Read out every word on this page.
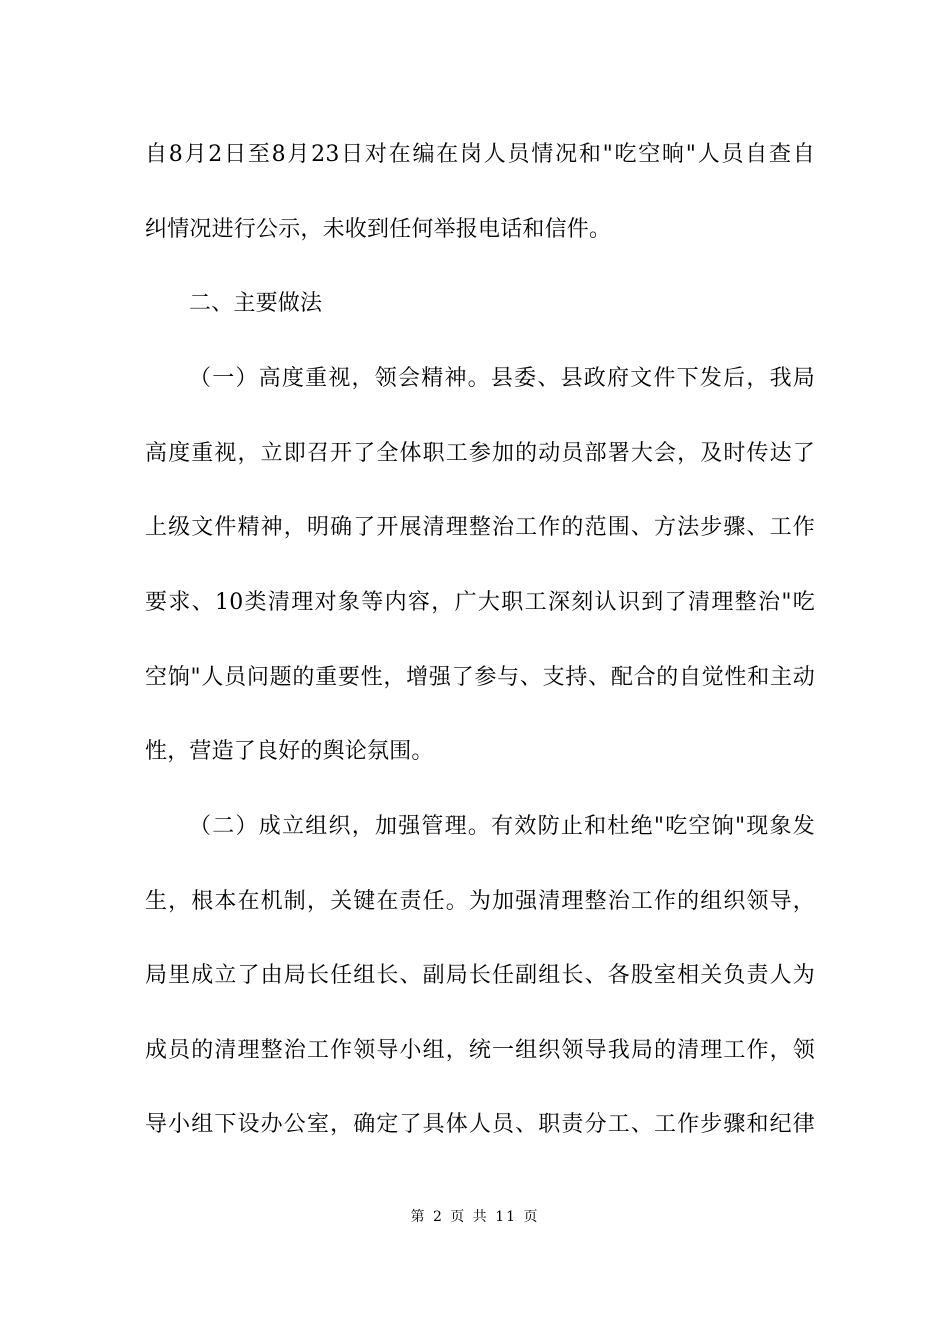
自8月2日至8月23日对在编在岗人员情况和"吃空晌"人员自查自
纠情况进行公示，未收到任何举报电话和信件。
二、主要做法
（一）高度重视，领会精神。县委、县政府文件下发后，我局
高度重视，立即召开了全体职工参加的动员部署大会，及时传达了
上级文件精神，明确了开展清理整治工作的范围、方法步骤、工作
要求、10类清理对象等内容，广大职工深刻认识到了清理整治"吃
空饷"人员问题的重要性，增强了参与、支持、配合的自觉性和主动
性，营造了良好的舆论氛围。
（二）成立组织，加强管理。有效防止和杜绝"吃空饷"现象发
生，根本在机制，关键在责任。为加强清理整治工作的组织领导，
局里成立了由局长任组长、副局长任副组长、各股室相关负责人为
成员的清理整治工作领导小组，统一组织领导我局的清理工作，领
导小组下设办公室，确定了具体人员、职责分工、工作步骤和纪律
第 2 页 共 11 页
